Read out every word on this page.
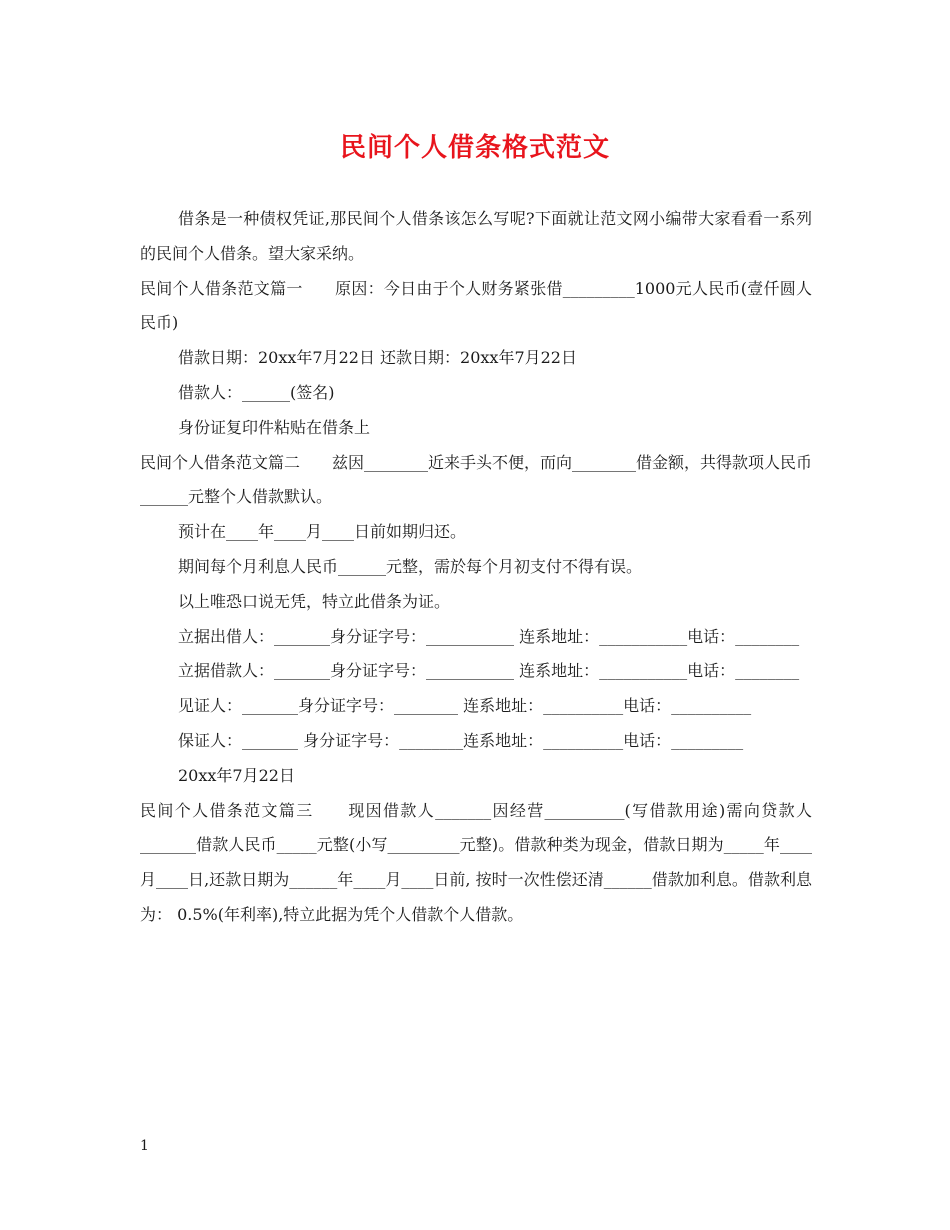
民间个人借条格式范文

借条是一种债权凭证,那民间个人借条该怎么写呢?下面就让范文网小编带大家看看一系列的民间个人借条。望大家采纳。

民间个人借条范文篇一　　原因：今日由于个人财务紧张借_________1000元人民币(壹仟圆人民币)

借款日期：20xx年7月22日 还款日期：20xx年7月22日

借款人：______(签名)

身份证复印件粘贴在借条上

民间个人借条范文篇二　　兹因________近来手头不便，而向________借金额，共得款项人民币______元整个人借款默认。

预计在____年____月____日前如期归还。

期间每个月利息人民币______元整，需於每个月初支付不得有误。

以上唯恐口说无凭，特立此借条为证。

立据出借人：_______身分证字号：___________ 连系地址：___________电话：________

立据借款人：_______身分证字号：___________ 连系地址：___________电话：________

见证人：_______身分证字号：________ 连系地址：__________电话：__________

保证人：_______ 身分证字号：________连系地址：__________电话：_________

20xx年7月22日

民间个人借条范文篇三　　现因借款人_______因经营__________(写借款用途)需向贷款人_______借款人民币_____元整(小写_________元整)。借款种类为现金，借款日期为_____年____月____日,还款日期为______年____月____日前, 按时一次性偿还清______借款加利息。借款利息为： 0.5%(年利率),特立此据为凭个人借款个人借款。

1
